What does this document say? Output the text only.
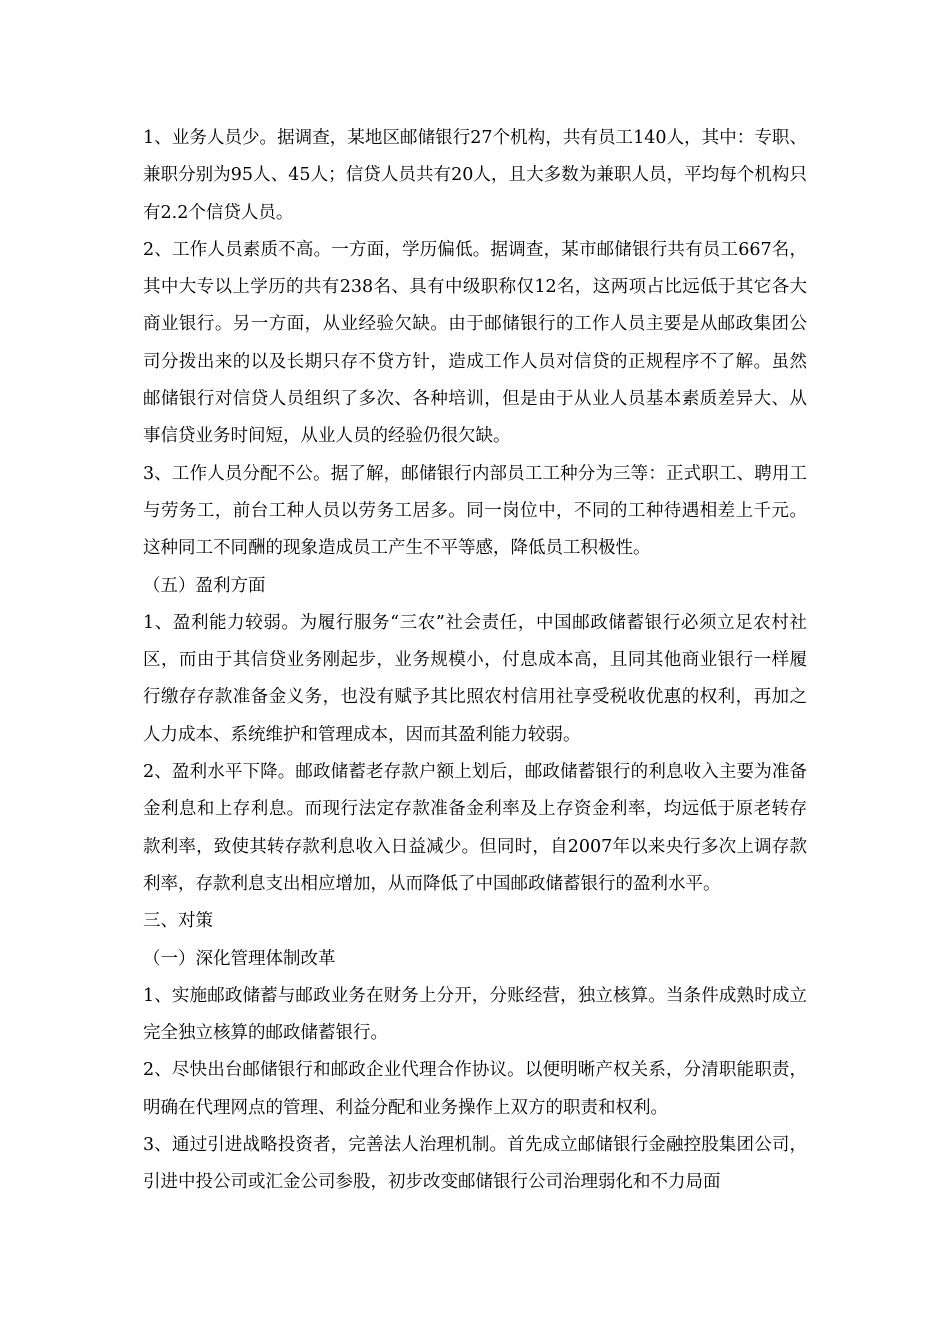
1、业务人员少。据调查，某地区邮储银行27个机构，共有员工140人，其中：专职、兼职分别为95人、45人；信贷人员共有20人，且大多数为兼职人员，平均每个机构只有2.2个信贷人员。

2、工作人员素质不高。一方面，学历偏低。据调查，某市邮储银行共有员工667名，其中大专以上学历的共有238名、具有中级职称仅12名，这两项占比远低于其它各大商业银行。另一方面，从业经验欠缺。由于邮储银行的工作人员主要是从邮政集团公司分拨出来的以及长期只存不贷方针，造成工作人员对信贷的正规程序不了解。虽然邮储银行对信贷人员组织了多次、各种培训，但是由于从业人员基本素质差异大、从事信贷业务时间短，从业人员的经验仍很欠缺。

3、工作人员分配不公。据了解，邮储银行内部员工工种分为三等：正式职工、聘用工与劳务工，前台工种人员以劳务工居多。同一岗位中，不同的工种待遇相差上千元。这种同工不同酬的现象造成员工产生不平等感，降低员工积极性。

（五）盈利方面

1、盈利能力较弱。为履行服务“三农”社会责任，中国邮政储蓄银行必须立足农村社区，而由于其信贷业务刚起步，业务规模小，付息成本高，且同其他商业银行一样履行缴存存款准备金义务，也没有赋予其比照农村信用社享受税收优惠的权利，再加之人力成本、系统维护和管理成本，因而其盈利能力较弱。

2、盈利水平下降。邮政储蓄老存款户额上划后，邮政储蓄银行的利息收入主要为准备金利息和上存利息。而现行法定存款准备金利率及上存资金利率，均远低于原老转存款利率，致使其转存款利息收入日益减少。但同时，自2007年以来央行多次上调存款利率，存款利息支出相应增加，从而降低了中国邮政储蓄银行的盈利水平。

三、对策

（一）深化管理体制改革

1、实施邮政储蓄与邮政业务在财务上分开，分账经营，独立核算。当条件成熟时成立完全独立核算的邮政储蓄银行。

2、尽快出台邮储银行和邮政企业代理合作协议。以便明晰产权关系，分清职能职责，明确在代理网点的管理、利益分配和业务操作上双方的职责和权利。

3、通过引进战略投资者，完善法人治理机制。首先成立邮储银行金融控股集团公司，引进中投公司或汇金公司参股，初步改变邮储银行公司治理弱化和不力局面
